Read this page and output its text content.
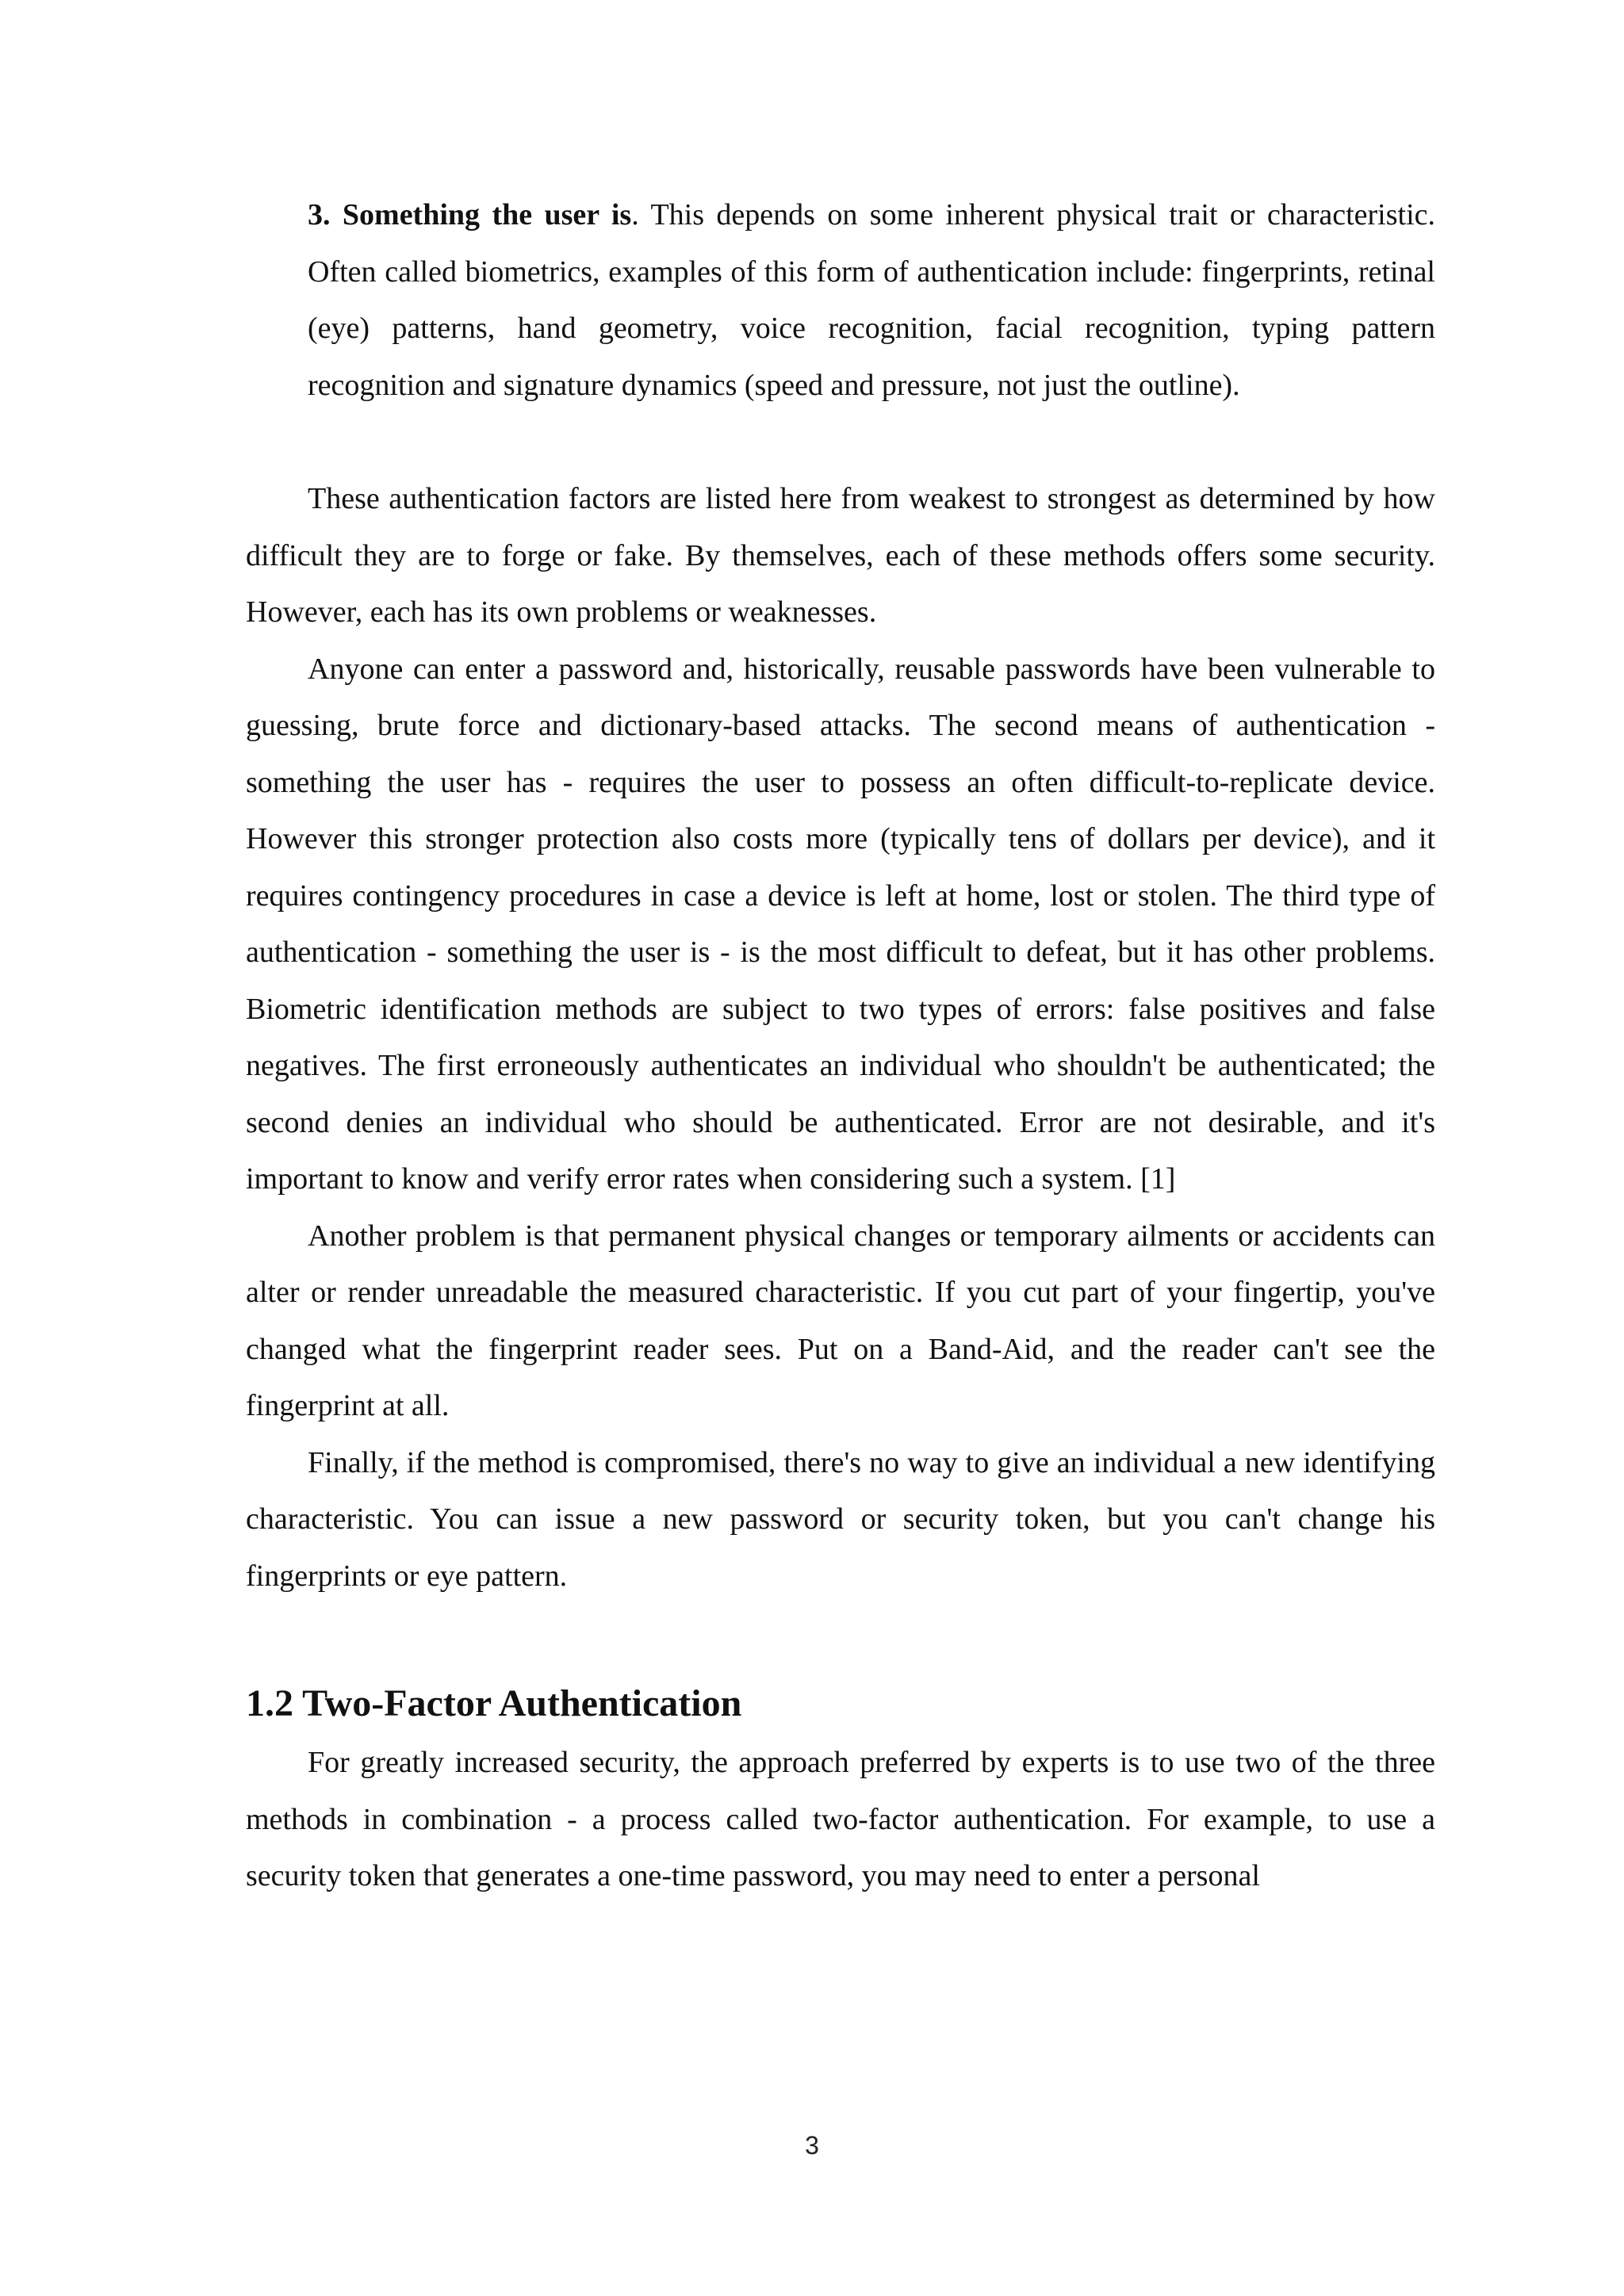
3. Something the user is. This depends on some inherent physical trait or characteristic. Often called biometrics, examples of this form of authentication include: fingerprints, retinal (eye) patterns, hand geometry, voice recognition, facial recognition, typing pattern recognition and signature dynamics (speed and pressure, not just the outline).

These authentication factors are listed here from weakest to strongest as determined by how difficult they are to forge or fake. By themselves, each of these methods offers some security. However, each has its own problems or weaknesses.

Anyone can enter a password and, historically, reusable passwords have been vulnerable to guessing, brute force and dictionary-based attacks. The second means of authentication - something the user has - requires the user to possess an often difficult-to-replicate device. However this stronger protection also costs more (typically tens of dollars per device), and it requires contingency procedures in case a device is left at home, lost or stolen. The third type of authentication - something the user is - is the most difficult to defeat, but it has other problems. Biometric identification methods are subject to two types of errors: false positives and false negatives. The first erroneously authenticates an individual who shouldn't be authenticated; the second denies an individual who should be authenticated. Error are not desirable, and it's important to know and verify error rates when considering such a system. [1]

Another problem is that permanent physical changes or temporary ailments or accidents can alter or render unreadable the measured characteristic. If you cut part of your fingertip, you've changed what the fingerprint reader sees. Put on a Band-Aid, and the reader can't see the fingerprint at all.

Finally, if the method is compromised, there's no way to give an individual a new identifying characteristic. You can issue a new password or security token, but you can't change his fingerprints or eye pattern.

1.2 Two-Factor Authentication

For greatly increased security, the approach preferred by experts is to use two of the three methods in combination - a process called two-factor authentication. For example, to use a security token that generates a one-time password, you may need to enter a personal

3
